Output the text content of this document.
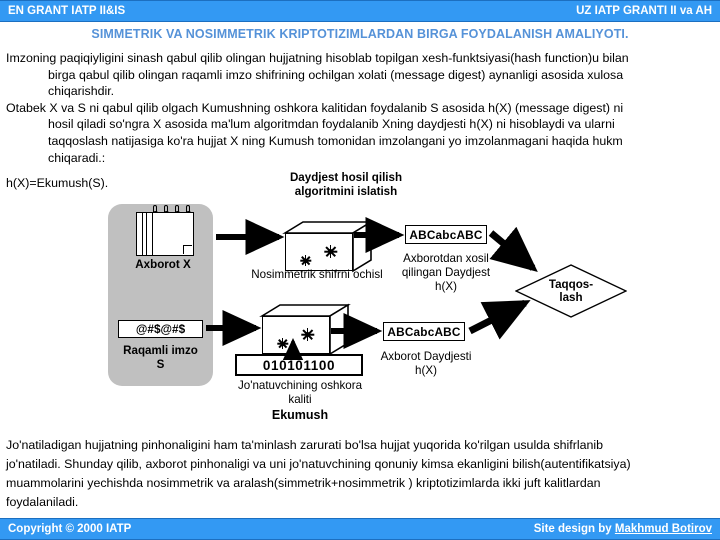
EN GRANT IATP II&IS	UZ IATP GRANTI II va AH
SIMMETRIK VA NOSIMMETRIK KRIPTOTIZIMLARDAN BIRGA FOYDALANISH AMALIYOTI.

Imzoning paqiqiyligini sinash qabul qilib olingan hujjatning hisoblab topilgan xesh-funktsiyasi(hash function)u bilan

birga qabul qilib olingan raqamli imzo shifrining ochilgan xolati (message digest) aynanligi asosida xulosa

chiqarishdir.

Otabek X va S ni qabul qilib olgach Kumushning oshkora kalitidan foydalanib S asosida h(X) (message digest) ni

hosil qiladi so'ngra X asosida ma'lum algoritmdan foydalanib Xning daydjesti h(X) ni hisoblaydi va ularni

taqqoslash natijasiga ko'ra hujjat X ning Kumush tomonidan imzolangani yo imzolanmagani haqida hukm

chiqaradi.:

h(X)=Ekumush(S).	Daydjest hosil qilish
algoritmini islatish
Axborot X
@#$@#$
Raqamli imzo
S
Nosimmetrik shifrni ochisl
ABCabcABC
Axborotdan xosil
qilingan Daydjest
h(X)
010101100
Jo'natuvchining oshkora
kaliti
Ekumush
ABCabcABC
Axborot Daydjesti
h(X)
Taqqos-
lash

Jo'natiladigan hujjatning pinhonaligini ham ta'minlash zarurati bo'lsa hujjat yuqorida ko'rilgan usulda shifrlanib

jo'natiladi. Shunday qilib, axborot pinhonaligi va uni jo'natuvchining qonuniy kimsa ekanligini bilish(autentifikatsiya)

muammolarini yechishda nosimmetrik va aralash(simmetrik+nosimmetrik ) kriptotizimlarda ikki juft kalitlardan

foydalaniladi.

Copyright © 2000 IATP	Site design by Makhmud Botirov
